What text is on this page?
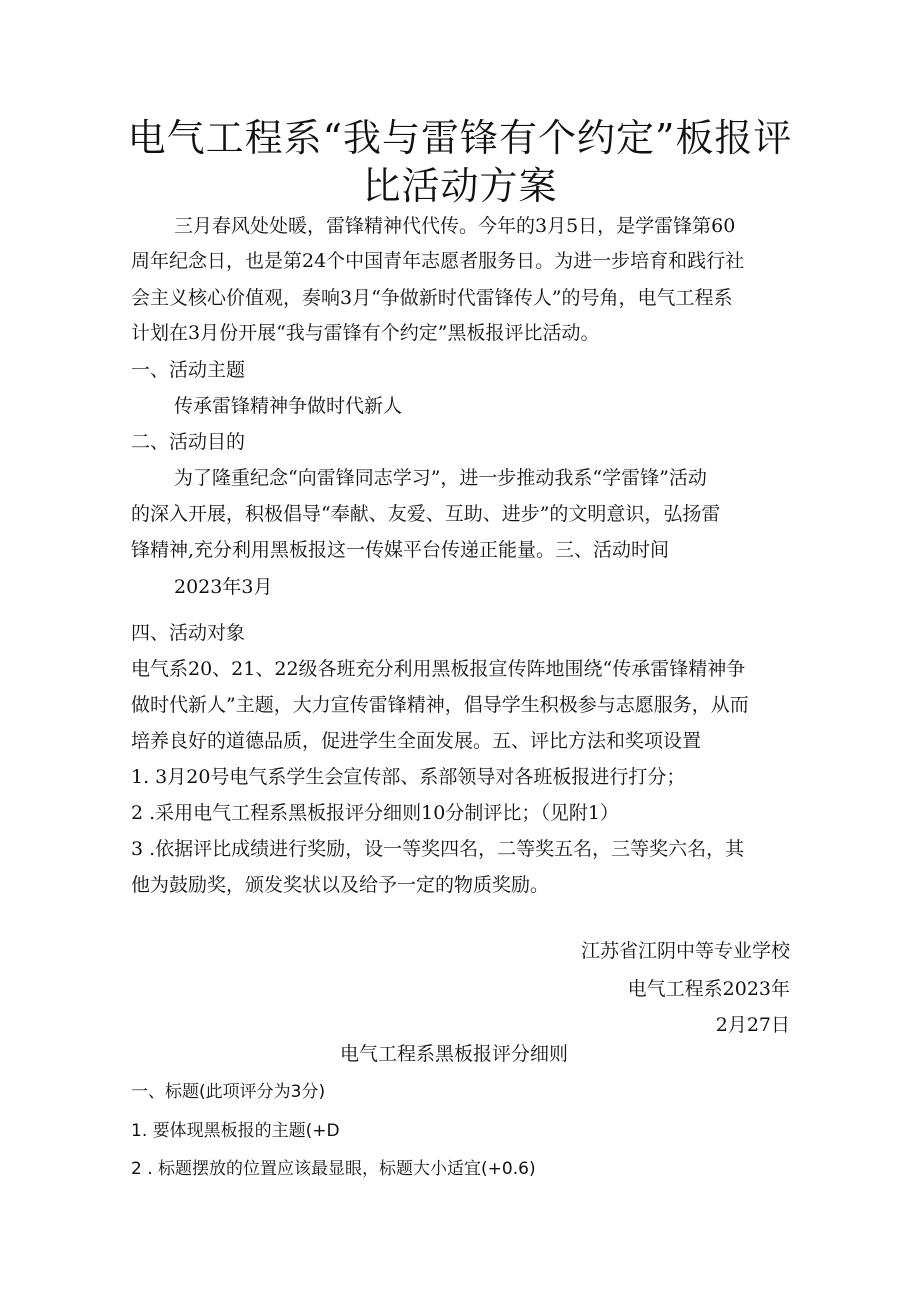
电气工程系“我与雷锋有个约定”板报评
比活动方案
三月春风处处暖，雷锋精神代代传。今年的3月5日，是学雷锋第60
周年纪念日，也是第24个中国青年志愿者服务日。为进一步培育和践行社
会主义核心价值观，奏响3月“争做新时代雷锋传人”的号角，电气工程系
计划在3月份开展“我与雷锋有个约定”黑板报评比活动。
一、活动主题
传承雷锋精神争做时代新人
二、活动目的
为了隆重纪念“向雷锋同志学习”，进一步推动我系“学雷锋”活动
的深入开展，积极倡导“奉献、友爱、互助、进步”的文明意识，弘扬雷
锋精神,充分利用黑板报这一传媒平台传递正能量。三、活动时间
2023年3月
四、活动对象
电气系20、21、22级各班充分利用黑板报宣传阵地围绕“传承雷锋精神争
做时代新人”主题，大力宣传雷锋精神，倡导学生积极参与志愿服务，从而
培养良好的道德品质，促进学生全面发展。五、评比方法和奖项设置
1. 3月20号电气系学生会宣传部、系部领导对各班板报进行打分；
2 .采用电气工程系黑板报评分细则10分制评比；（见附1）
3 .依据评比成绩进行奖励，设一等奖四名，二等奖五名，三等奖六名，其
他为鼓励奖，颁发奖状以及给予一定的物质奖励。
江苏省江阴中等专业学校
电气工程系2023年
2月27日
电气工程系黑板报评分细则
一、标题(此项评分为3分)
1. 要体现黑板报的主题(+D
2 . 标题摆放的位置应该最显眼，标题大小适宜(+0.6)
